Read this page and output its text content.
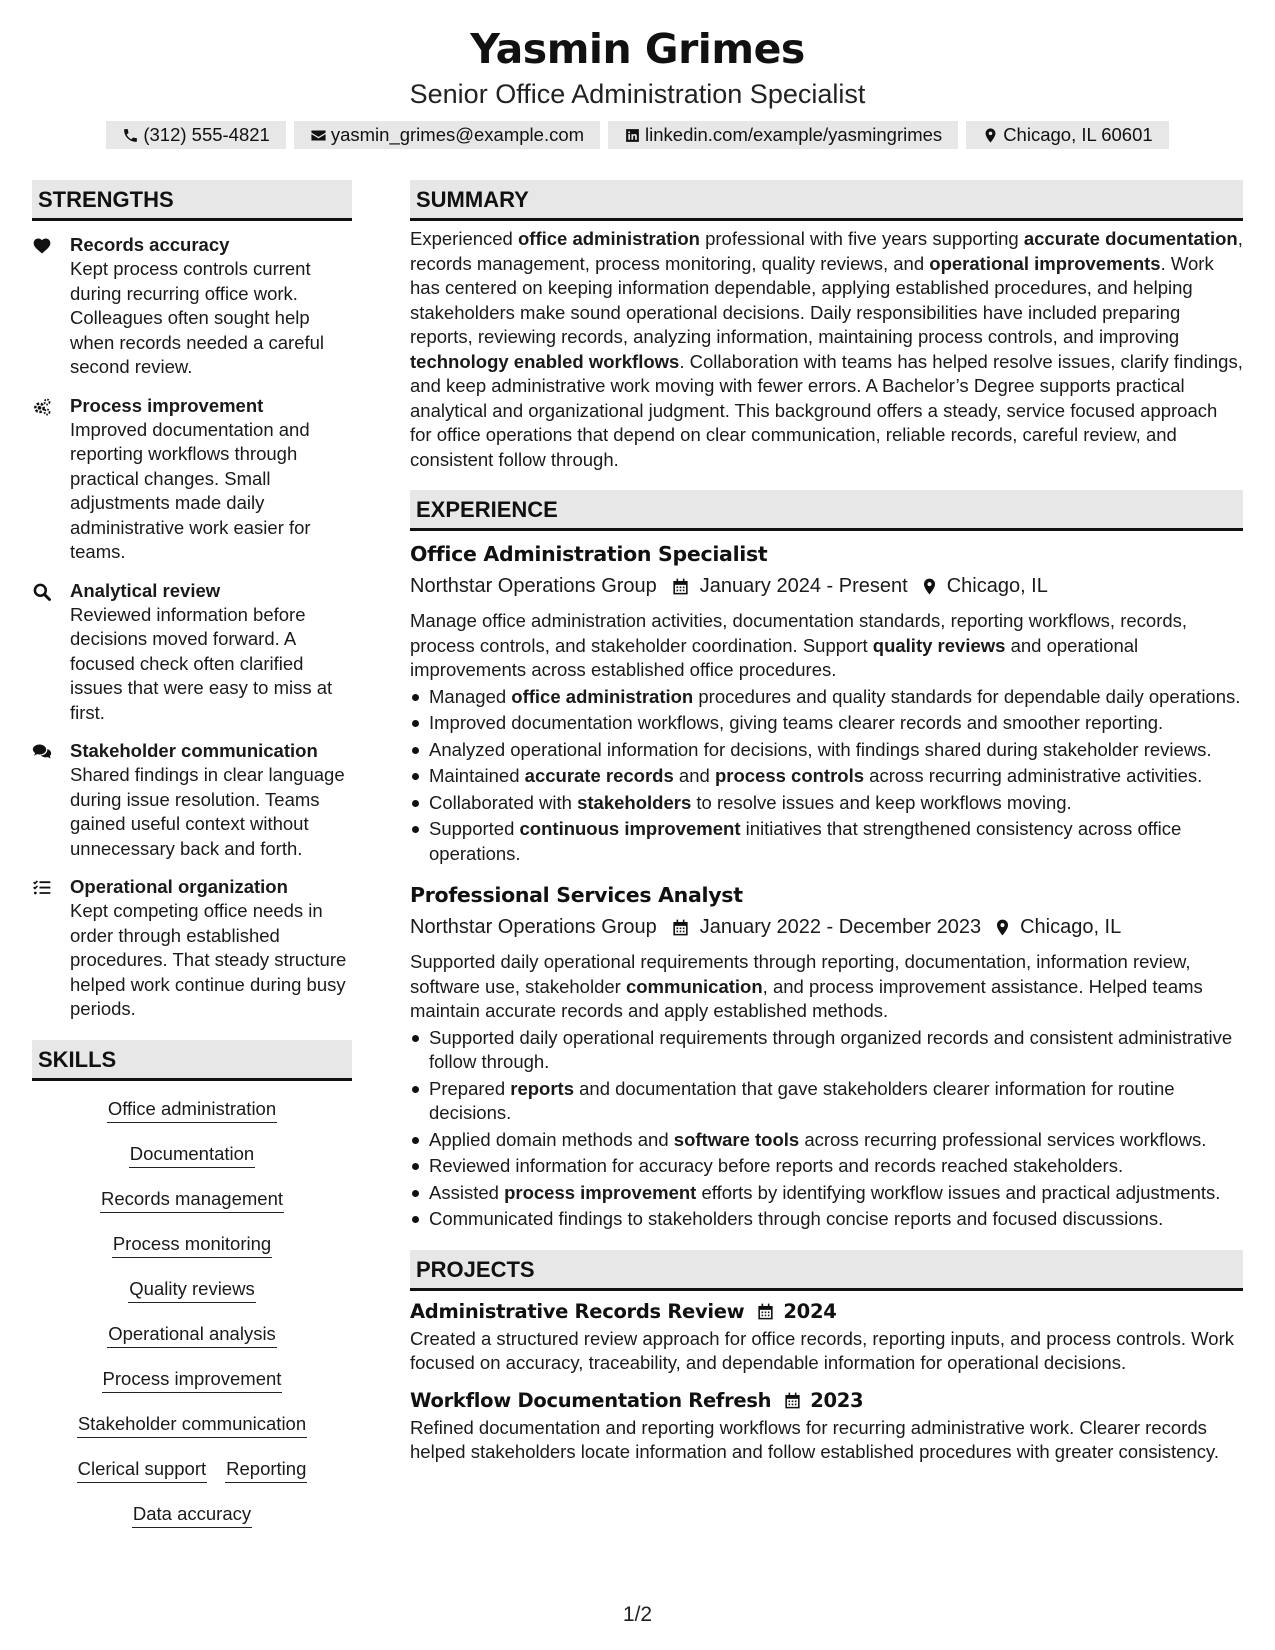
Yasmin Grimes
Senior Office Administration Specialist
(312) 555-4821	yasmin_grimes@example.com	linkedin.com/example/yasmingrimes	Chicago, IL 60601
STRENGTHS
Records accuracy
Kept process controls current during recurring office work. Colleagues often sought help when records needed a careful second review.
Process improvement
Improved documentation and reporting workflows through practical changes. Small adjustments made daily administrative work easier for teams.
Analytical review
Reviewed information before decisions moved forward. A focused check often clarified issues that were easy to miss at first.
Stakeholder communication
Shared findings in clear language during issue resolution. Teams gained useful context without unnecessary back and forth.
Operational organization
Kept competing office needs in order through established procedures. That steady structure helped work continue during busy periods.
SKILLS
Office administration
Documentation
Records management
Process monitoring
Quality reviews
Operational analysis
Process improvement
Stakeholder communication
Clerical support Reporting
Data accuracy
SUMMARY

Experienced office administration professional with five years supporting accurate documentation, records management, process monitoring, quality reviews, and operational improvements. Work has centered on keeping information dependable, applying established procedures, and helping stakeholders make sound operational decisions. Daily responsibilities have included preparing reports, reviewing records, analyzing information, maintaining process controls, and improving technology enabled workflows. Collaboration with teams has helped resolve issues, clarify findings, and keep administrative work moving with fewer errors. A Bachelor’s Degree supports practical analytical and organizational judgment. This background offers a steady, service focused approach for office operations that depend on clear communication, reliable records, careful review, and consistent follow through.

EXPERIENCE
Office Administration Specialist
Northstar Operations Group January 2024 - Present Chicago, IL

Manage office administration activities, documentation standards, reporting workflows, records, process controls, and stakeholder coordination. Support quality reviews and operational improvements across established office procedures.

Managed office administration procedures and quality standards for dependable daily operations.
Improved documentation workflows, giving teams clearer records and smoother reporting.
Analyzed operational information for decisions, with findings shared during stakeholder reviews.
Maintained accurate records and process controls across recurring administrative activities.
Collaborated with stakeholders to resolve issues and keep workflows moving.
Supported continuous improvement initiatives that strengthened consistency across office operations.
Professional Services Analyst
Northstar Operations Group January 2022 - December 2023 Chicago, IL

Supported daily operational requirements through reporting, documentation, information review, software use, stakeholder communication, and process improvement assistance. Helped teams maintain accurate records and apply established methods.

Supported daily operational requirements through organized records and consistent administrative follow through.
Prepared reports and documentation that gave stakeholders clearer information for routine decisions.
Applied domain methods and software tools across recurring professional services workflows.
Reviewed information for accuracy before reports and records reached stakeholders.
Assisted process improvement efforts by identifying workflow issues and practical adjustments.
Communicated findings to stakeholders through concise reports and focused discussions.
PROJECTS
Administrative Records Review 2024

Created a structured review approach for office records, reporting inputs, and process controls. Work focused on accuracy, traceability, and dependable information for operational decisions.

Workflow Documentation Refresh 2023

Refined documentation and reporting workflows for recurring administrative work. Clearer records helped stakeholders locate information and follow established procedures with greater consistency.

1/2
